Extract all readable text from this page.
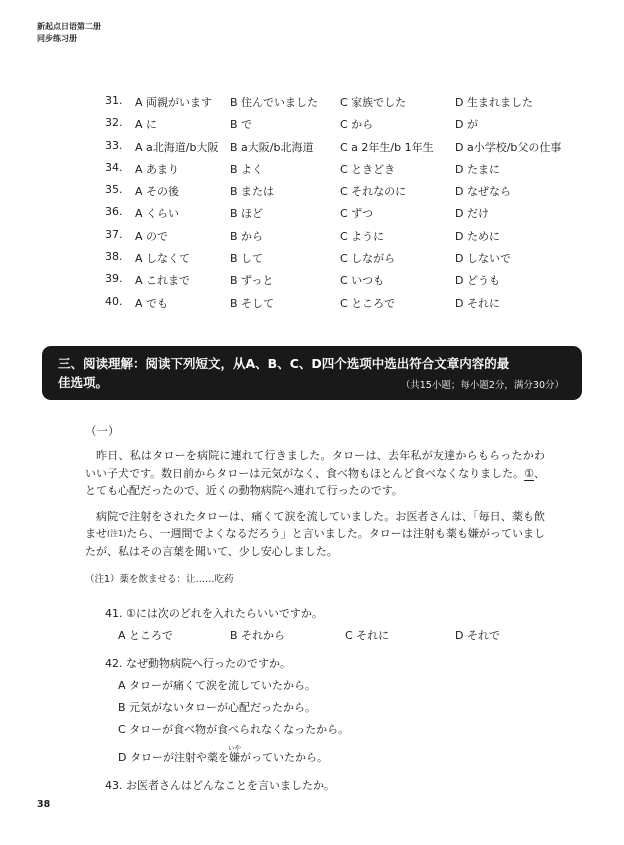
新起点日语第二册
同步练习册
31.	A 両親がいます	B 住んでいました	C 家族でした	D 生まれました
32.	A に	B で	C から	D が
33.	A a北海道/b大阪	B a大阪/b北海道	C a 2年生/b 1年生	D a小学校/b父の仕事
34.	A あまり	B よく	C ときどき	D たまに
35.	A その後	B または	C それなのに	D なぜなら
36.	A くらい	B ほど	C ずつ	D だけ
37.	A ので	B から	C ように	D ために
38.	A しなくて	B して	C しながら	D しないで
39.	A これまで	B ずっと	C いつも	D どうも
40.	A でも	B そして	C ところで	D それに
三、阅读理解：阅读下列短文，从A、B、C、D四个选项中选出符合文章内容的最佳选项。	（共15小题；每小题2分，满分30分）
（一）

昨日、私はタローを病院に連れて行きました。タローは、去年私が友達からもらったかわいい子犬です。数日前からタローは元気がなく、食べ物もほとんど食べなくなりました。①、とても心配だったので、近くの動物病院へ連れて行ったのです。

病院で注射をされたタローは、痛くて涙を流していました。お医者さんは、「毎日、薬も飲ませ(注1)たら、一週間でよくなるだろう」と言いました。タローは注射も薬も嫌がっていましたが、私はその言葉を聞いて、少し安心しました。

（注1）薬を飲ませる：让……吃药
41. ①には次のどれを入れたらいいですか。
A ところで	B それから	C それに	D それで
42. なぜ動物病院へ行ったのですか。
A タローが痛くて涙を流していたから。
B 元気がないタローが心配だったから。
C タローが食べ物が食べられなくなったから。
D タローが注射や薬を嫌いやがっていたから。
43. お医者さんはどんなことを言いましたか。
38
